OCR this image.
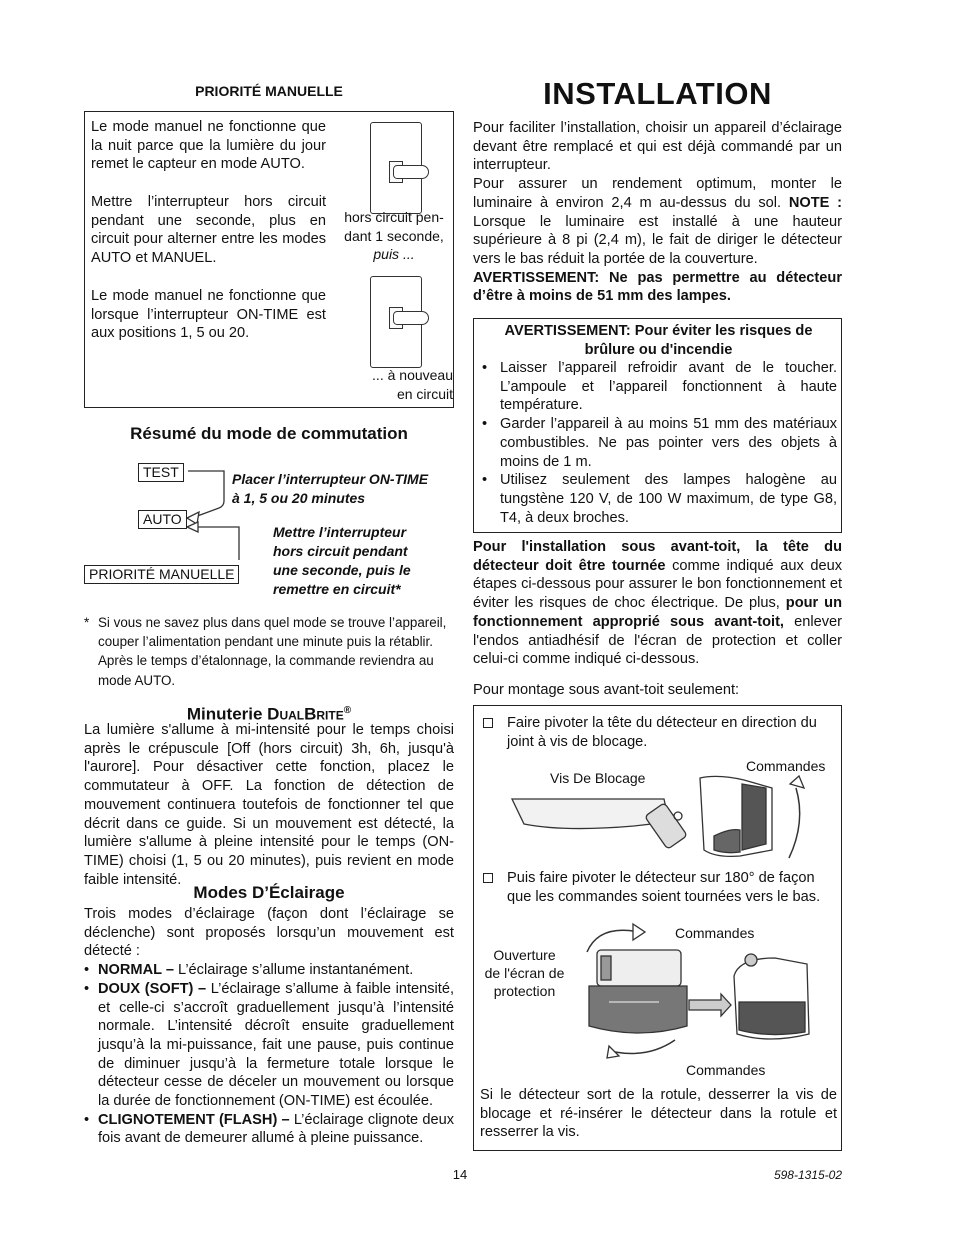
PRIORITÉ MANUELLE

Le mode manuel ne fonctionne que la nuit parce que la lumière du jour remet le capteur en mode AUTO.

Mettre l’interrupteur hors circuit pendant une seconde, plus en circuit pour alterner entre les modes AUTO et MANUEL.

Le mode manuel ne fonctionne que lorsque l’interrupteur ON-TIME est aux positions 1, 5 ou 20.

hors circuit pen-
dant 1 seconde,
puis ...
... à nouveau
en circuit
Résumé du mode de commutation
TEST
AUTO
PRIORITÉ MANUELLE
Placer l’interrupteur ON-TIME
à 1, 5 ou 20 minutes
Mettre l’interrupteur
hors circuit pendant
une seconde, puis le
remettre en circuit*
* Si vous ne savez plus dans quel mode se trouve l’appareil, couper l’alimentation pendant une minute puis la rétablir. Après le temps d’étalonnage, la commande reviendra au mode AUTO.

Minuterie DUALBRITE®

La lumière s'allume à mi-intensité pour le temps choisi après le crépuscule [Off (hors circuit) 3h, 6h, jusqu'à l'aurore]. Pour désactiver cette fonction, placez le commutateur à OFF. La fonction de détection de mouvement continuera toutefois de fonctionner tel que décrit dans ce guide. Si un mouvement est détecté, la lumière s'allume à pleine intensité pour le temps (ON-TIME) choisi (1, 5 ou 20 minutes), puis revient en mode faible intensité.

Modes D’Éclairage

Trois modes d’éclairage (façon dont l’éclairage se déclenche) sont proposés lorsqu’un mouvement est détecté :

• NORMAL – L’éclairage s’allume instantanément.

• DOUX (SOFT) – L’éclairage s’allume à faible intensité, et celle-ci s’accroît graduellement jusqu’à l’intensité normale. L’intensité décroît ensuite graduellement jusqu’à la mi-puissance, fait une pause, puis continue de diminuer jusqu’à la fermeture totale lorsque le détecteur cesse de déceler un mouvement ou lorsque la durée de fonctionnement (ON-TIME) est écoulée.

• CLIGNOTEMENT (FLASH) – L’éclairage clignote deux fois avant de demeurer allumé à pleine puissance.

INSTALLATION

Pour faciliter l’installation, choisir un appareil d’éclairage devant être remplacé et qui est déjà commandé par un interrupteur.

Pour assurer un rendement optimum, monter le luminaire à environ 2,4 m au-dessus du sol. NOTE : Lorsque le luminaire est installé à une hauteur supérieure à 8 pi (2,4 m), le fait de diriger le détecteur vers le bas réduit la portée de la couverture.

AVERTISSEMENT: Ne pas permettre au détecteur d’être à moins de 51 mm des lampes.

AVERTISSEMENT: Pour éviter les risques de
brûlure ou d'incendie
• Laisser l’appareil refroidir avant de le toucher. L’ampoule et l’appareil fonctionnent à haute température.
• Garder l’appareil à au moins 51 mm des matériaux combustibles. Ne pas pointer vers des objets à moins de 1 m.
• Utilisez seulement des lampes halogène au tungstène 120 V, de 100 W maximum, de type G8, T4, à deux broches.

Pour l'installation sous avant-toit, la tête du détecteur doit être tournée comme indiqué aux deux étapes ci-dessous pour assurer le bon fonctionnement et éviter les risques de choc électrique. De plus, pour un fonctionnement approprié sous avant-toit, enlever l'endos antiadhésif de l'écran de protection et coller celui-ci comme indiqué ci-dessous.

Pour montage sous avant-toit seulement:

Faire pivoter la tête du détecteur en direction du joint à vis de blocage.
Vis De Blocage
Commandes
Puis faire pivoter le détecteur sur 180° de façon que les commandes soient tournées vers le bas.
Commandes
Ouverture
de l'écran de
protection
Commandes

Si le détecteur sort de la rotule, desserrer la vis de blocage et ré-insérer le détecteur dans la rotule et resserrer la vis.

14	598-1315-02
